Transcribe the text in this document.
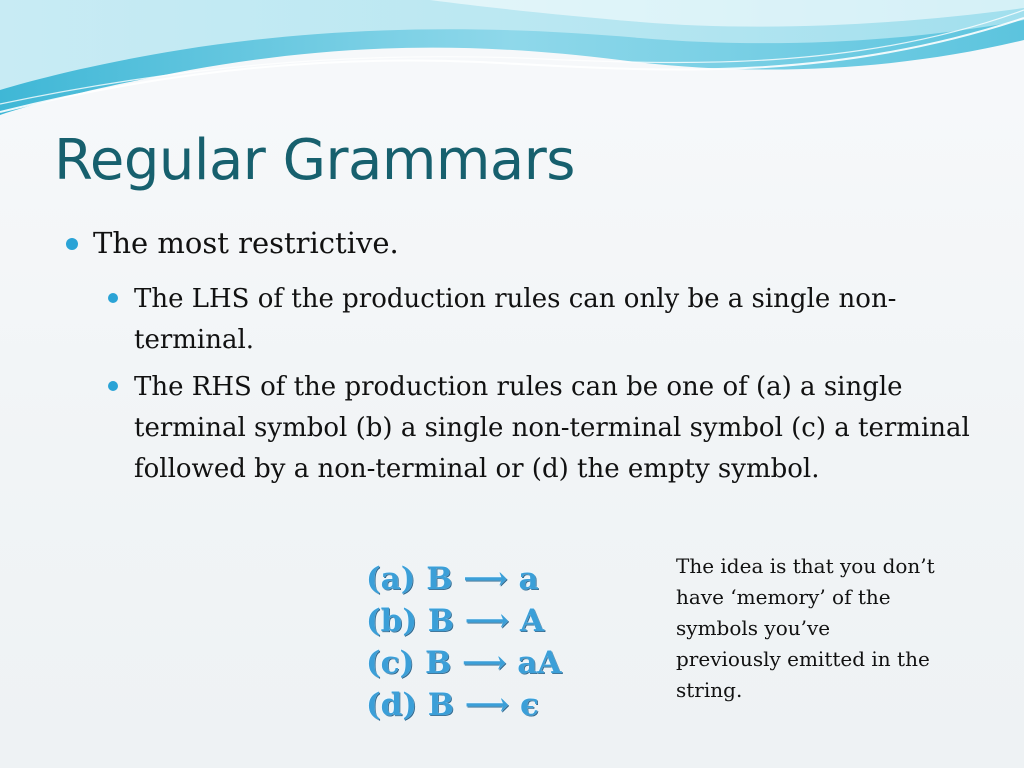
Regular Grammars
The most restrictive.
The LHS of the production rules can only be a single non-terminal.
The RHS of the production rules can be one of (a) a single terminal symbol (b) a single non-terminal symbol (c) a terminal followed by a non-terminal or (d) the empty symbol.
(a) B ⟶ a
(b) B ⟶ A
(c) B ⟶ aA
(d) B ⟶ ϵ
The idea is that you don’t
have ‘memory’ of the
symbols you’ve
previously emitted in the
string.
